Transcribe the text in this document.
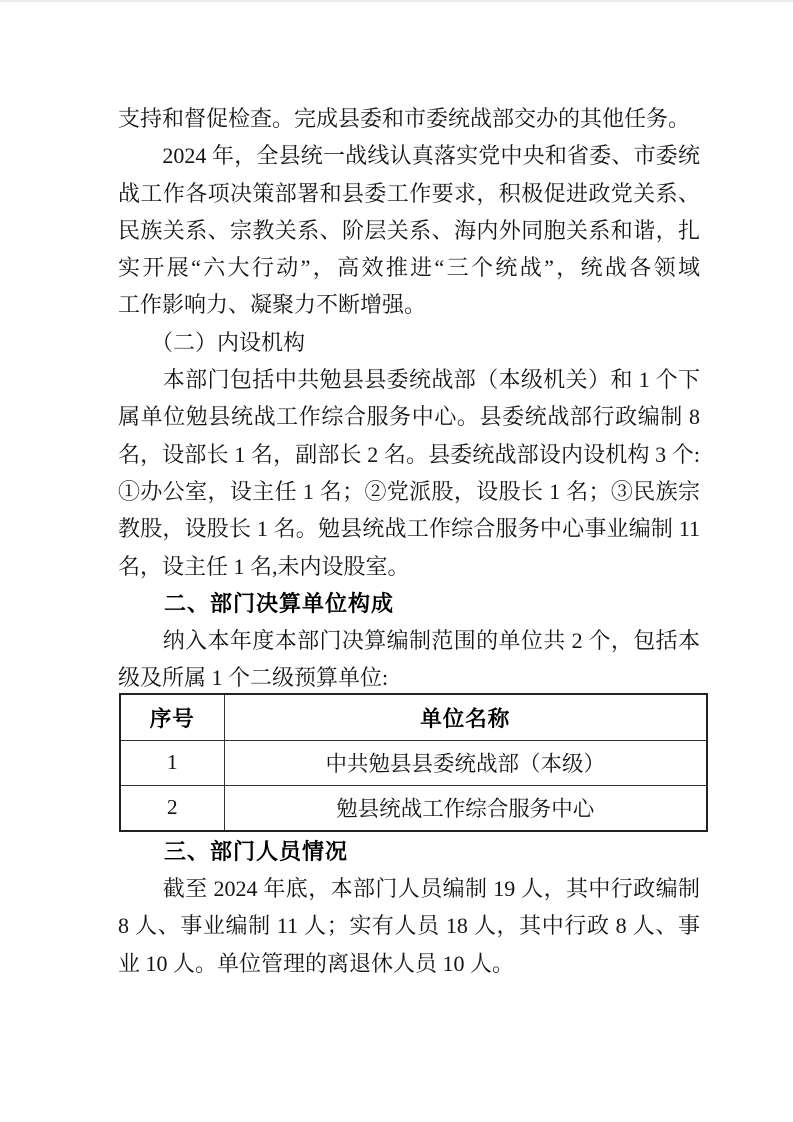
支持和督促检查。完成县委和市委统战部交办的其他任务。
　　2024 年，全县统一战线认真落实党中央和省委、市委统
战工作各项决策部署和县委工作要求，积极促进政党关系、
民族关系、宗教关系、阶层关系、海内外同胞关系和谐，扎
实开展“六大行动”，高效推进“三个统战”，统战各领域
工作影响力、凝聚力不断增强。
　　（二）内设机构
　　本部门包括中共勉县县委统战部（本级机关）和 1 个下
属单位勉县统战工作综合服务中心。县委统战部行政编制 8
名，设部长 1 名，副部长 2 名。县委统战部设内设机构 3 个:
①办公室，设主任 1 名；②党派股，设股长 1 名；③民族宗
教股，设股长 1 名。勉县统战工作综合服务中心事业编制 11
名，设主任 1 名,未内设股室。
　　二、部门决算单位构成
　　纳入本年度本部门决算编制范围的单位共 2 个，包括本
级及所属 1 个二级预算单位:
序号	单位名称
1	中共勉县县委统战部（本级）
2	勉县统战工作综合服务中心
　　三、部门人员情况
　　截至 2024 年底，本部门人员编制 19 人，其中行政编制
8 人、事业编制 11 人；实有人员 18 人，其中行政 8 人、事
业 10 人。单位管理的离退休人员 10 人。
